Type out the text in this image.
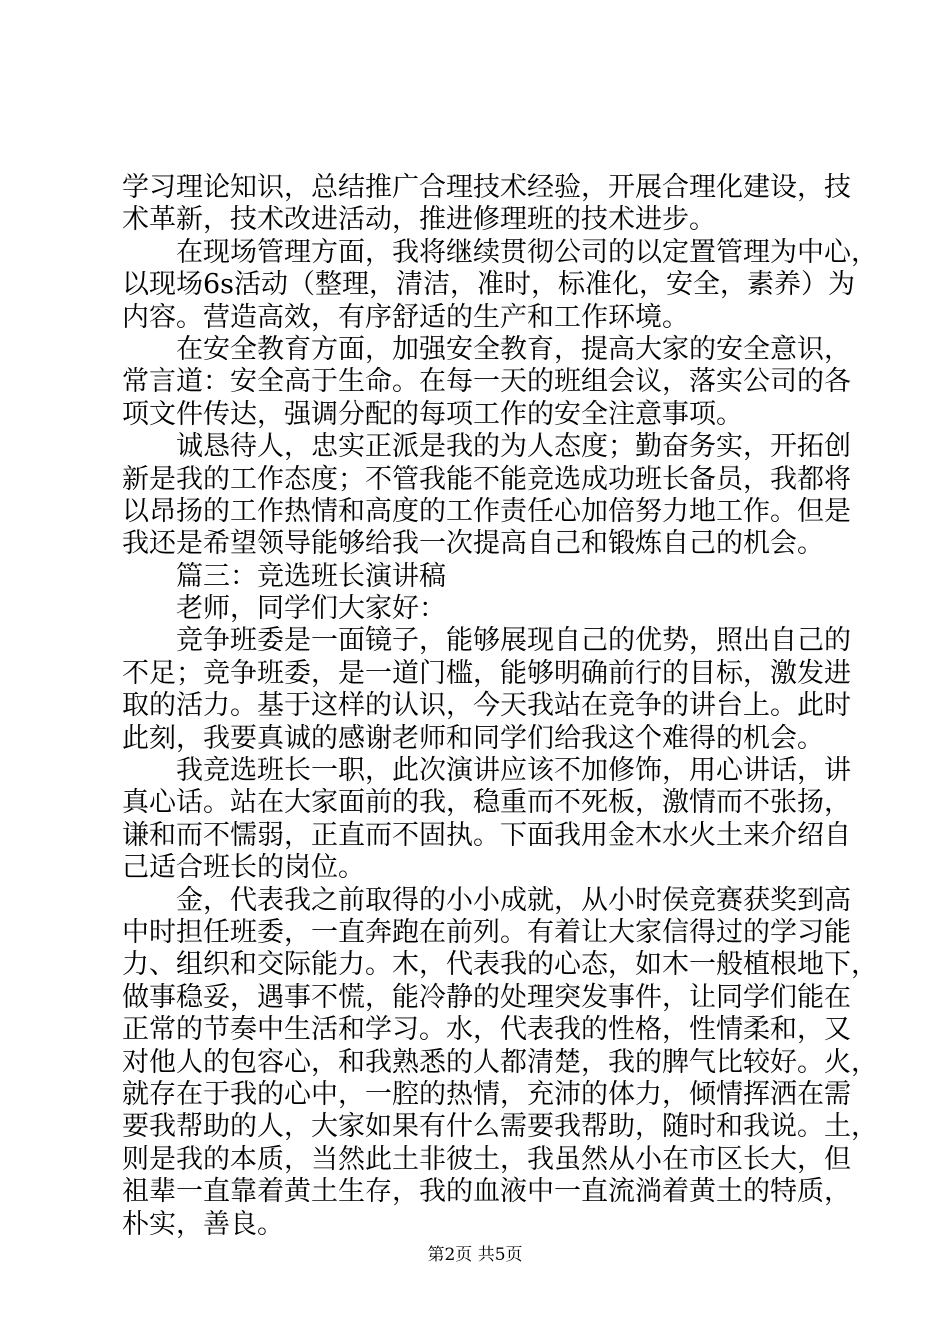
学习理论知识，总结推广合理技术经验，开展合理化建设，技
术革新，技术改进活动，推进修理班的技术进步。
在现场管理方面，我将继续贯彻公司的以定置管理为中心，
以现场6s活动（整理，清洁，准时，标准化，安全，素养）为
内容。营造高效，有序舒适的生产和工作环境。
在安全教育方面，加强安全教育，提高大家的安全意识，
常言道：安全高于生命。在每一天的班组会议，落实公司的各
项文件传达，强调分配的每项工作的安全注意事项。
诚恳待人，忠实正派是我的为人态度；勤奋务实，开拓创
新是我的工作态度；不管我能不能竞选成功班长备员，我都将
以昂扬的工作热情和高度的工作责任心加倍努力地工作。但是
我还是希望领导能够给我一次提高自己和锻炼自己的机会。
篇三：竞选班长演讲稿
老师，同学们大家好：
竞争班委是一面镜子，能够展现自己的优势，照出自己的
不足；竞争班委，是一道门槛，能够明确前行的目标，激发进
取的活力。基于这样的认识，今天我站在竞争的讲台上。此时
此刻，我要真诚的感谢老师和同学们给我这个难得的机会。
我竞选班长一职，此次演讲应该不加修饰，用心讲话，讲
真心话。站在大家面前的我，稳重而不死板，激情而不张扬，
谦和而不懦弱，正直而不固执。下面我用金木水火土来介绍自
己适合班长的岗位。
金，代表我之前取得的小小成就，从小时侯竞赛获奖到高
中时担任班委，一直奔跑在前列。有着让大家信得过的学习能
力、组织和交际能力。木，代表我的心态，如木一般植根地下，
做事稳妥，遇事不慌，能冷静的处理突发事件，让同学们能在
正常的节奏中生活和学习。水，代表我的性格，性情柔和，又
对他人的包容心，和我熟悉的人都清楚，我的脾气比较好。火，
就存在于我的心中，一腔的热情，充沛的体力，倾情挥洒在需
要我帮助的人，大家如果有什么需要我帮助，随时和我说。土，
则是我的本质，当然此土非彼土，我虽然从小在市区长大，但
祖辈一直靠着黄土生存，我的血液中一直流淌着黄土的特质，
朴实，善良。
第2页 共5页
